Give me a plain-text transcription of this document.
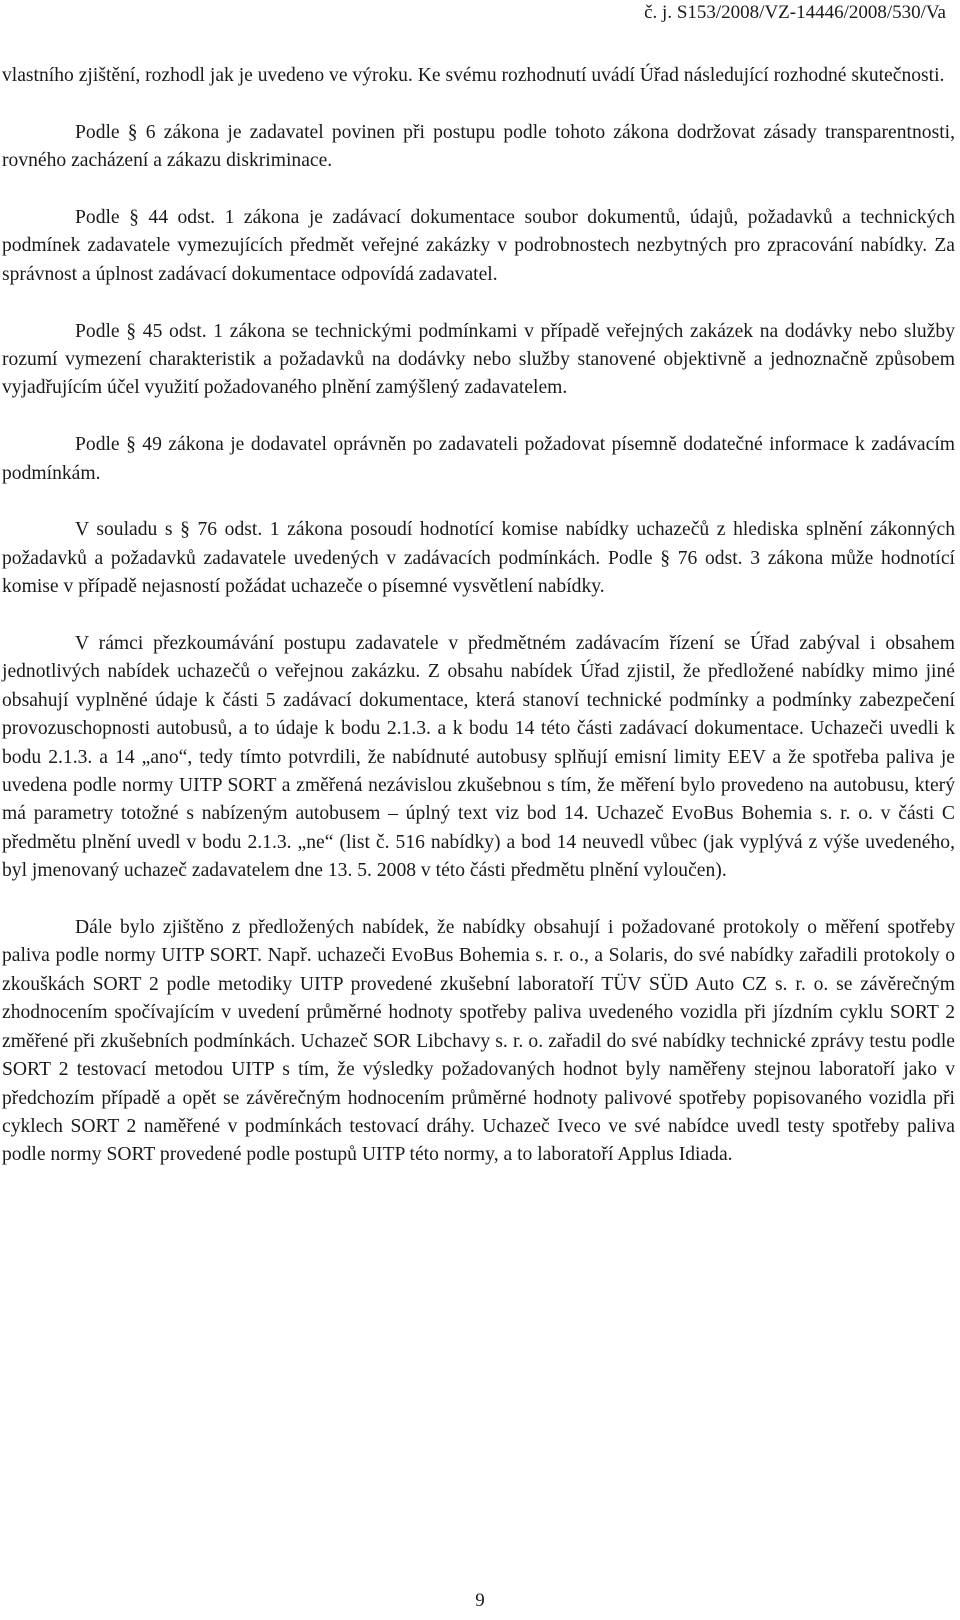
č. j. S153/2008/VZ-14446/2008/530/Va

vlastního zjištění, rozhodl jak je uvedeno ve výroku. Ke svému rozhodnutí uvádí Úřad následující rozhodné skutečnosti.

Podle § 6 zákona je zadavatel povinen při postupu podle tohoto zákona dodržovat zásady transparentnosti, rovného zacházení a zákazu diskriminace.

Podle § 44 odst. 1 zákona je zadávací dokumentace soubor dokumentů, údajů, požadavků a technických podmínek zadavatele vymezujících předmět veřejné zakázky v podrobnostech nezbytných pro zpracování nabídky. Za správnost a úplnost zadávací dokumentace odpovídá zadavatel.

Podle § 45 odst. 1 zákona se technickými podmínkami v případě veřejných zakázek na dodávky nebo služby rozumí vymezení charakteristik a požadavků na dodávky nebo služby stanovené objektivně a jednoznačně způsobem vyjadřujícím účel využití požadovaného plnění zamýšlený zadavatelem.

Podle § 49 zákona je dodavatel oprávněn po zadavateli požadovat písemně dodatečné informace k zadávacím podmínkám.

V souladu s § 76 odst. 1 zákona posoudí hodnotící komise nabídky uchazečů z hlediska splnění zákonných požadavků a požadavků zadavatele uvedených v zadávacích podmínkách. Podle § 76 odst. 3 zákona může hodnotící komise v případě nejasností požádat uchazeče o písemné vysvětlení nabídky.

V rámci přezkoumávání postupu zadavatele v předmětném zadávacím řízení se Úřad zabýval i obsahem jednotlivých nabídek uchazečů o veřejnou zakázku. Z obsahu nabídek Úřad zjistil, že předložené nabídky mimo jiné obsahují vyplněné údaje k části 5 zadávací dokumentace, která stanoví technické podmínky a podmínky zabezpečení provozuschopnosti autobusů, a to údaje k bodu 2.1.3. a k bodu 14 této části zadávací dokumentace. Uchazeči uvedli k bodu 2.1.3. a 14 „ano“, tedy tímto potvrdili, že nabídnuté autobusy splňují emisní limity EEV a že spotřeba paliva je uvedena podle normy UITP SORT a změřená nezávislou zkušebnou s tím, že měření bylo provedeno na autobusu, který má parametry totožné s nabízeným autobusem – úplný text viz bod 14. Uchazeč EvoBus Bohemia s. r. o. v části C předmětu plnění uvedl v bodu 2.1.3. „ne“ (list č. 516 nabídky) a bod 14 neuvedl vůbec (jak vyplývá z výše uvedeného, byl jmenovaný uchazeč zadavatelem dne 13. 5. 2008 v této části předmětu plnění vyloučen).

Dále bylo zjištěno z předložených nabídek, že nabídky obsahují i požadované protokoly o měření spotřeby paliva podle normy UITP SORT. Např. uchazeči EvoBus Bohemia s. r. o., a Solaris, do své nabídky zařadili protokoly o zkouškách SORT 2 podle metodiky UITP provedené zkušební laboratoří TÜV SÜD Auto CZ s. r. o. se závěrečným zhodnocením spočívajícím v uvedení průměrné hodnoty spotřeby paliva uvedeného vozidla při jízdním cyklu SORT 2 změřené při zkušebních podmínkách. Uchazeč SOR Libchavy s. r. o. zařadil do své nabídky technické zprávy testu podle SORT 2 testovací metodou UITP s tím, že výsledky požadovaných hodnot byly naměřeny stejnou laboratoří jako v předchozím případě a opět se závěrečným hodnocením průměrné hodnoty palivové spotřeby popisovaného vozidla při cyklech SORT 2 naměřené v podmínkách testovací dráhy. Uchazeč Iveco ve své nabídce uvedl testy spotřeby paliva podle normy SORT provedené podle postupů UITP této normy, a to laboratoří Applus Idiada.

9
